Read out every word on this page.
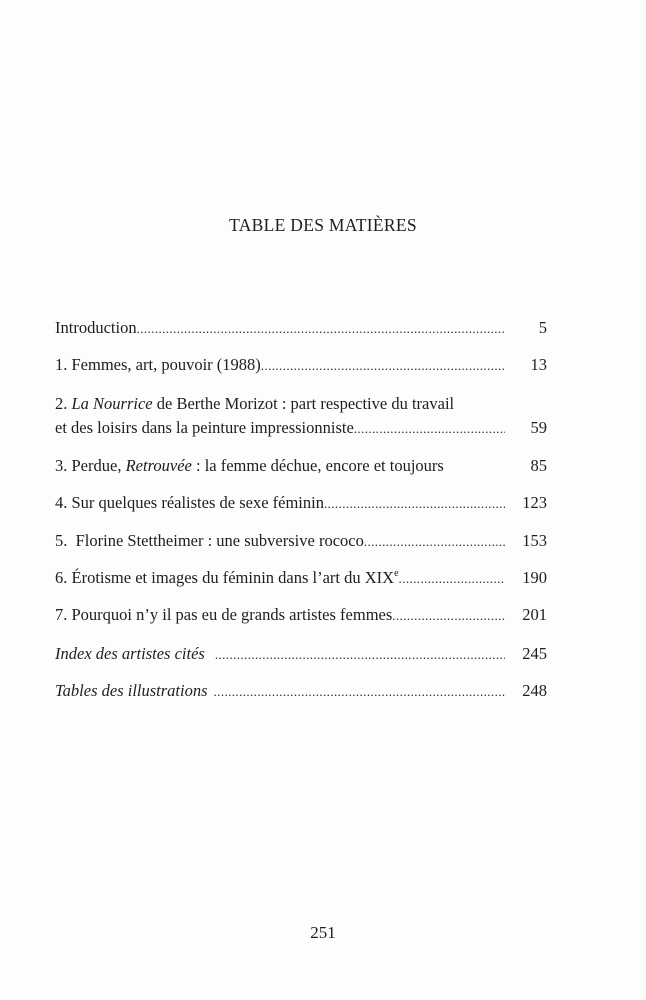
TABLE DES MATIÈRES
Introduction .....	5
1. Femmes, art, pouvoir (1988) .....	13
2. La Nourrice de Berthe Morizot : part respective du travail
et des loisirs dans la peinture impressionniste .....	59
3. Perdue, Retrouvée : la femme déchue, encore et toujours	85
4. Sur quelques réalistes de sexe féminin .....	123
5.  Florine Stettheimer : une subversive rococo .....	153
6. Érotisme et images du féminin dans l’art du XIXe .....	190
7. Pourquoi n’y il pas eu de grands artistes femmes .....	201
Index des artistes cités .....	245
Tables des illustrations .....	248
251
